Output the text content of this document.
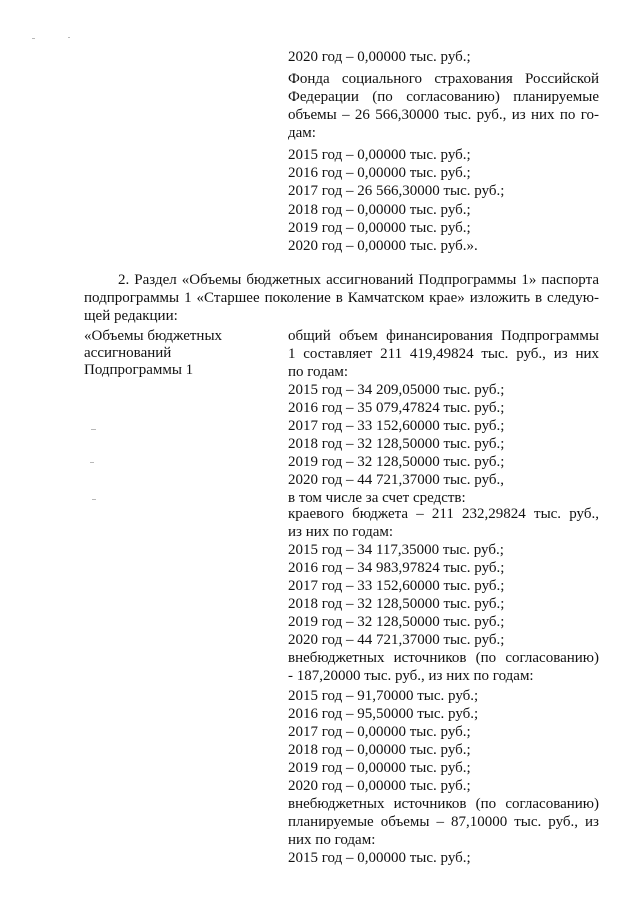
2020 год – 0,00000 тыс. руб.;
Фонда социального страхования Российской
Федерации (по согласованию) планируемые
объемы – 26 566,30000 тыс. руб., из них по го-
дам:
2015 год – 0,00000 тыс. руб.;
2016 год – 0,00000 тыс. руб.;
2017 год – 26 566,30000 тыс. руб.;
2018 год – 0,00000 тыс. руб.;
2019 год – 0,00000 тыс. руб.;
2020 год – 0,00000 тыс. руб.».
2. Раздел «Объемы бюджетных ассигнований Подпрограммы 1» паспорта
подпрограммы 1 «Старшее поколение в Камчатском крае» изложить в следую-
щей редакции:
«Объемы бюджетных
ассигнований
Подпрограммы 1
общий объем финансирования Подпрограммы
1 составляет 211 419,49824 тыс. руб., из них
по годам:
2015 год – 34 209,05000 тыс. руб.;
2016 год – 35 079,47824 тыс. руб.;
2017 год – 33 152,60000 тыс. руб.;
2018 год – 32 128,50000 тыс. руб.;
2019 год – 32 128,50000 тыс. руб.;
2020 год – 44 721,37000 тыс. руб.,
в том числе за счет средств:
краевого бюджета – 211 232,29824 тыс. руб.,
из них по годам:
2015 год – 34 117,35000 тыс. руб.;
2016 год – 34 983,97824 тыс. руб.;
2017 год – 33 152,60000 тыс. руб.;
2018 год – 32 128,50000 тыс. руб.;
2019 год – 32 128,50000 тыс. руб.;
2020 год – 44 721,37000 тыс. руб.;
внебюджетных источников (по согласованию)
- 187,20000 тыс. руб., из них по годам:
2015 год – 91,70000 тыс. руб.;
2016 год – 95,50000 тыс. руб.;
2017 год – 0,00000 тыс. руб.;
2018 год – 0,00000 тыс. руб.;
2019 год – 0,00000 тыс. руб.;
2020 год – 0,00000 тыс. руб.;
внебюджетных источников (по согласованию)
планируемые объемы – 87,10000 тыс. руб., из
них по годам:
2015 год – 0,00000 тыс. руб.;
